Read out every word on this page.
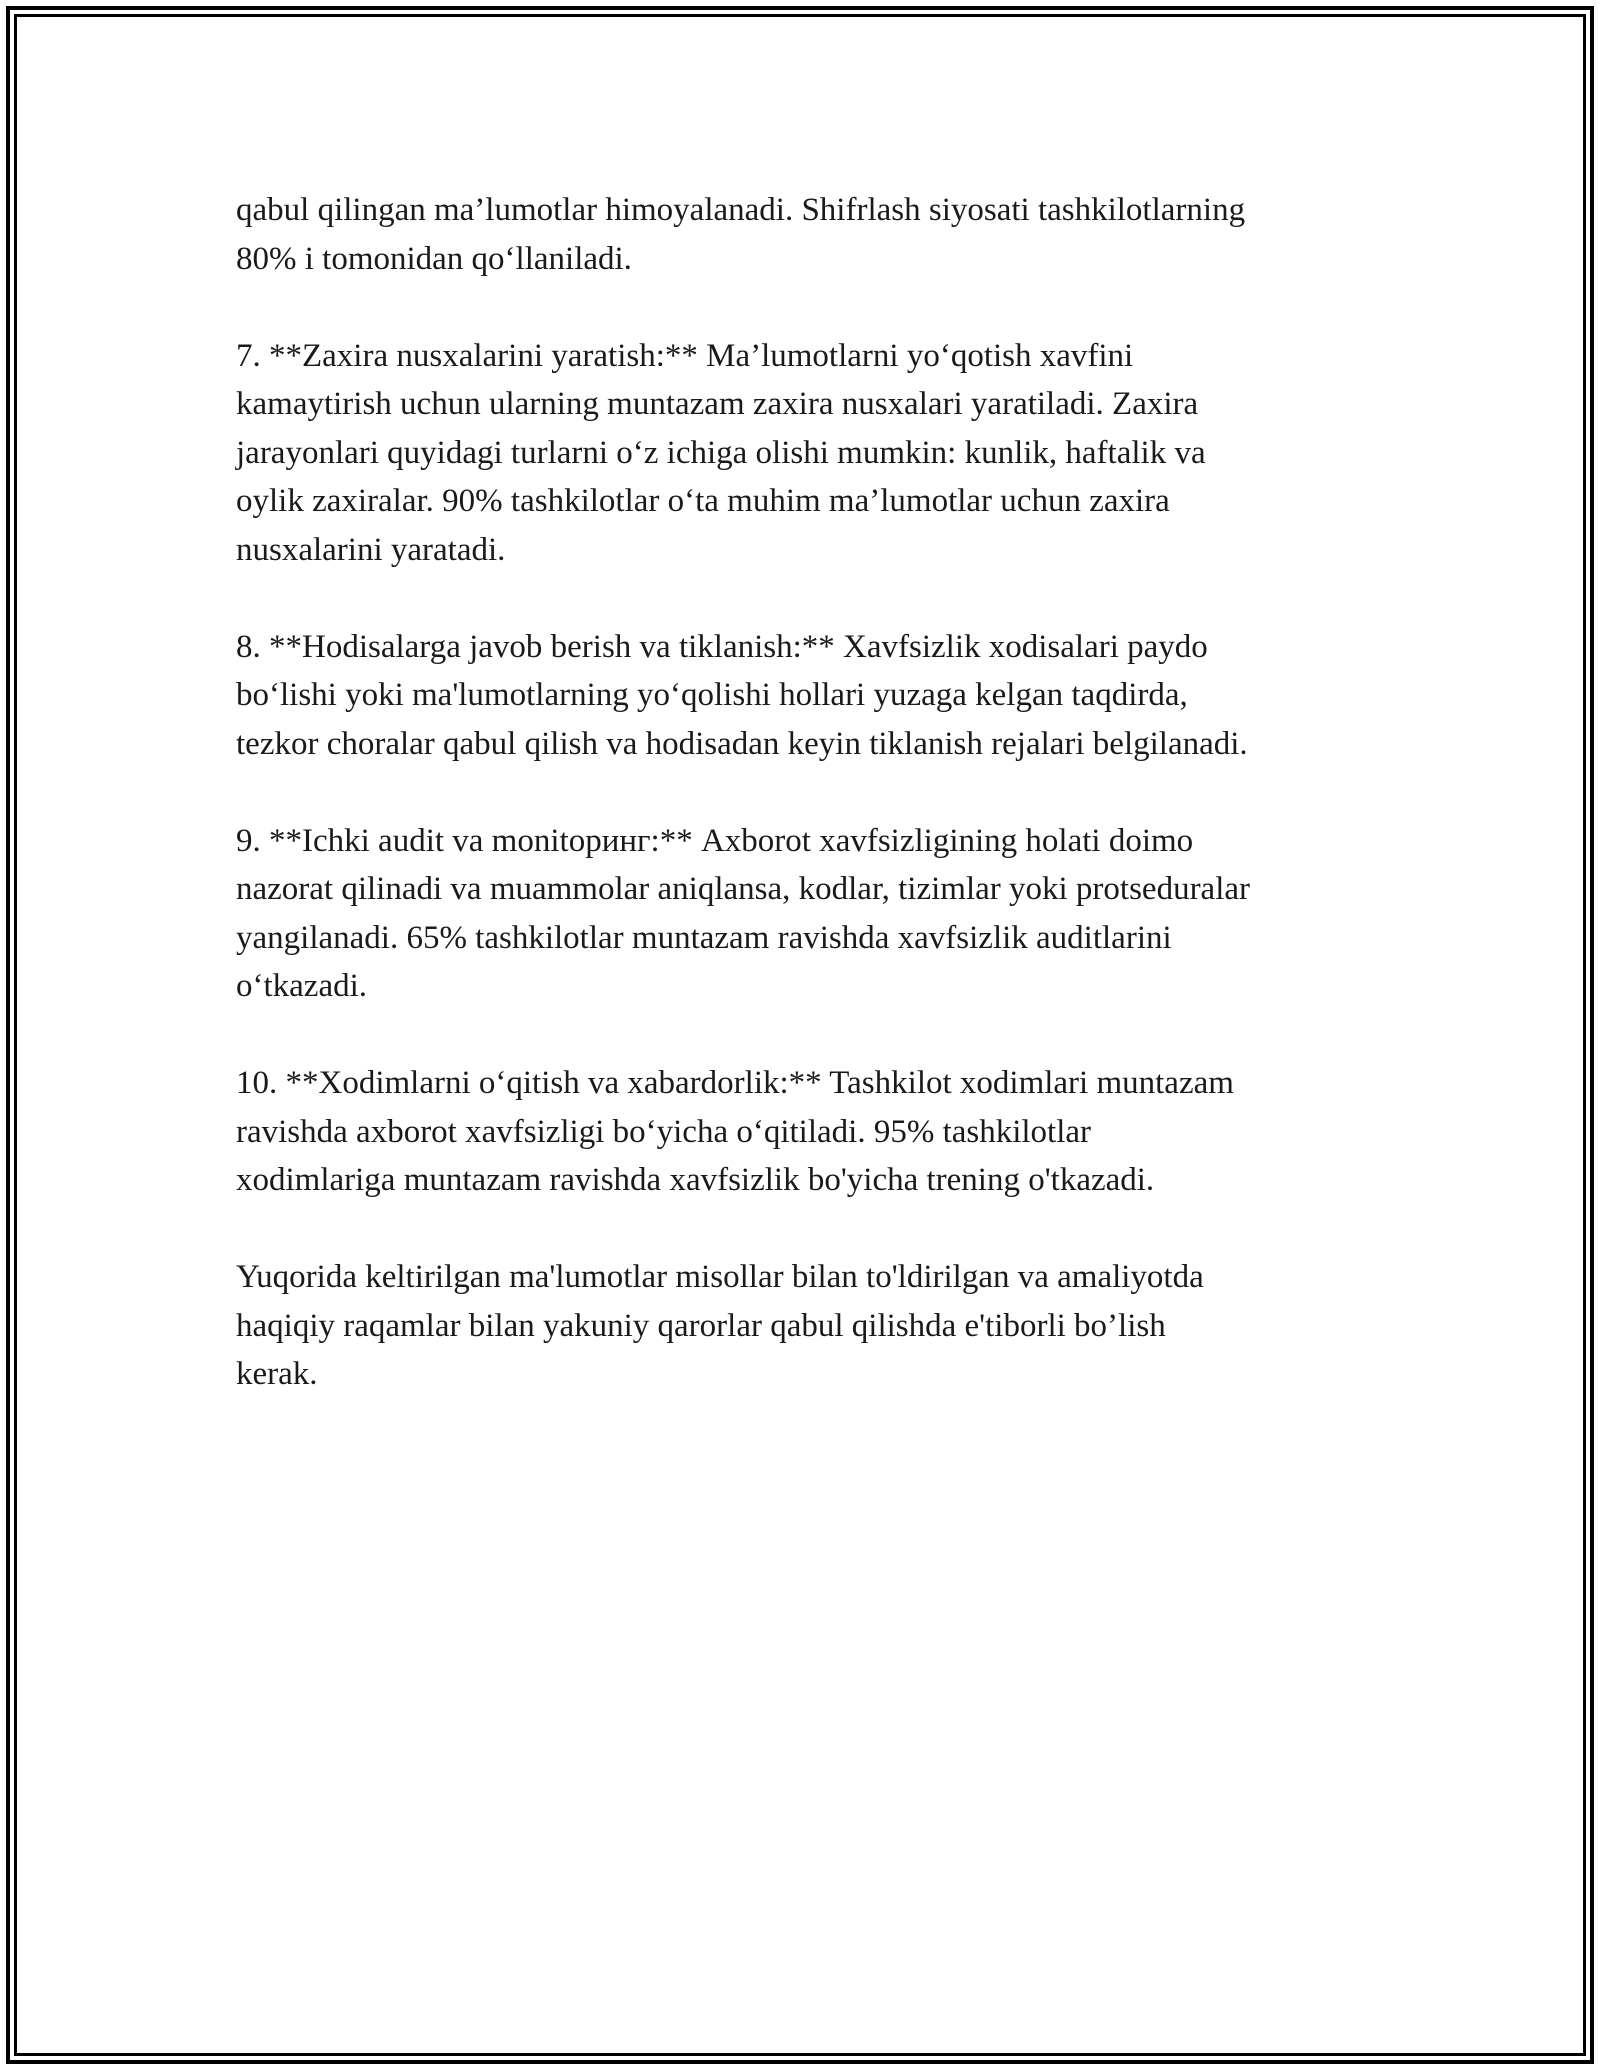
qabul qilingan ma’lumotlar himoyalanadi. Shifrlash siyosati tashkilotlarning
80% i tomonidan qo‘llaniladi.

7. **Zaxira nusxalarini yaratish:** Ma’lumotlarni yo‘qotish xavfini
kamaytirish uchun ularning muntazam zaxira nusxalari yaratiladi. Zaxira
jarayonlari quyidagi turlarni o‘z ichiga olishi mumkin: kunlik, haftalik va
oylik zaxiralar. 90% tashkilotlar o‘ta muhim ma’lumotlar uchun zaxira
nusxalarini yaratadi.

8. **Hodisalarga javob berish va tiklanish:** Xavfsizlik xodisalari paydo
bo‘lishi yoki ma'lumotlarning yo‘qolishi hollari yuzaga kelgan taqdirda,
tezkor choralar qabul qilish va hodisadan keyin tiklanish rejalari belgilanadi.

9. **Ichki audit va monitoринг:** Axborot xavfsizligining holati doimo
nazorat qilinadi va muammolar aniqlansa, kodlar, tizimlar yoki protseduralar
yangilanadi. 65% tashkilotlar muntazam ravishda xavfsizlik auditlarini
o‘tkazadi.

10. **Xodimlarni o‘qitish va xabardorlik:** Tashkilot xodimlari muntazam
ravishda axborot xavfsizligi bo‘yicha o‘qitiladi. 95% tashkilotlar
xodimlariga muntazam ravishda xavfsizlik bo'yicha trening o'tkazadi.

Yuqorida keltirilgan ma'lumotlar misollar bilan to'ldirilgan va amaliyotda
haqiqiy raqamlar bilan yakuniy qarorlar qabul qilishda e'tiborli bo’lish
kerak.
